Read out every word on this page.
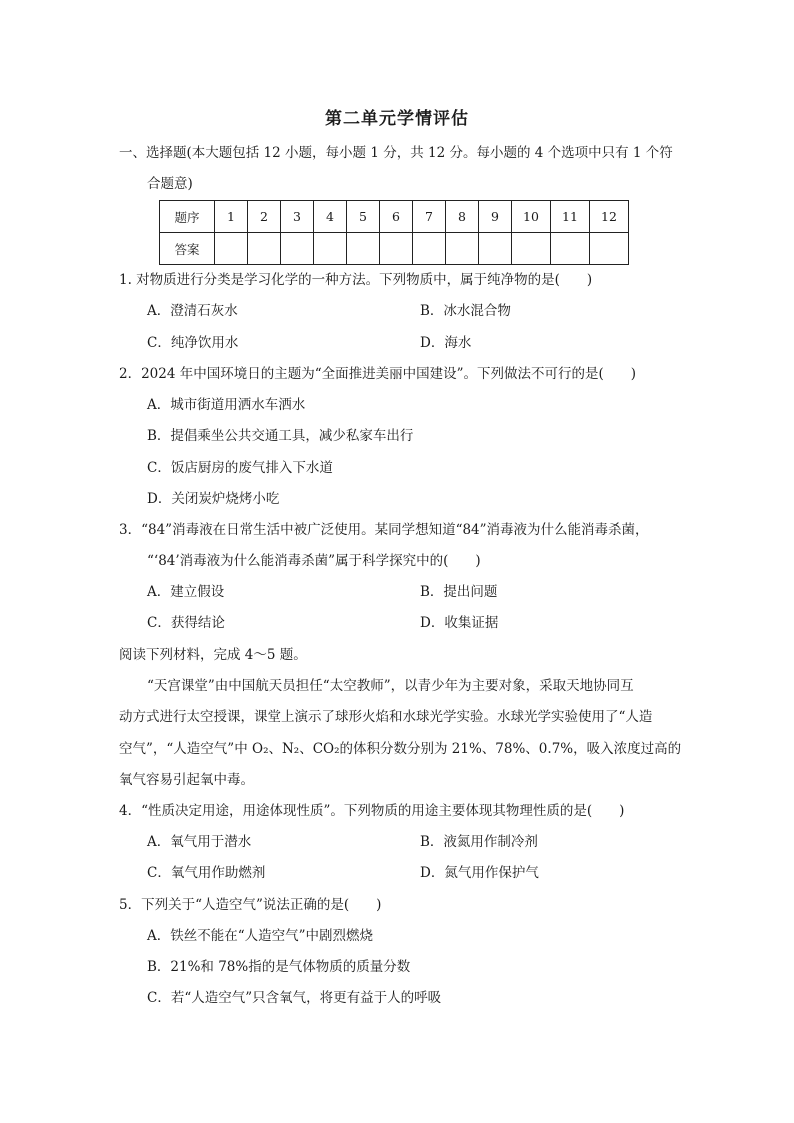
第二单元学情评估
一、选择题(本大题包括 12 小题，每小题 1 分，共 12 分。每小题的 4 个选项中只有 1 个符
合题意)
题序	1	2	3	4	5	6	7	8	9	10	11	12
答案												
1. 对物质进行分类是学习化学的一种方法。下列物质中，属于纯净物的是(　　)
A．澄清石灰水	B．冰水混合物
C．纯净饮用水	D．海水
2．2024 年中国环境日的主题为“全面推进美丽中国建设”。下列做法不可行的是(　　)
A．城市街道用洒水车洒水
B．提倡乘坐公共交通工具，减少私家车出行
C．饭店厨房的废气排入下水道
D．关闭炭炉烧烤小吃
3．“84”消毒液在日常生活中被广泛使用。某同学想知道“84”消毒液为什么能消毒杀菌，
“‘84’消毒液为什么能消毒杀菌”属于科学探究中的(　　)
A．建立假设	B．提出问题
C．获得结论	D．收集证据
阅读下列材料，完成 4～5 题。
“天宫课堂”由中国航天员担任“太空教师”，以青少年为主要对象，采取天地协同互
动方式进行太空授课，课堂上演示了球形火焰和水球光学实验。水球光学实验使用了“人造
空气”，“人造空气”中 O₂、N₂、CO₂的体积分数分别为 21%、78%、0.7%，吸入浓度过高的
氧气容易引起氧中毒。
4．“性质决定用途，用途体现性质”。下列物质的用途主要体现其物理性质的是(　　)
A．氧气用于潜水	B．液氮用作制冷剂
C．氧气用作助燃剂	D．氮气用作保护气
5．下列关于“人造空气”说法正确的是(　　)
A．铁丝不能在“人造空气”中剧烈燃烧
B．21%和 78%指的是气体物质的质量分数
C．若“人造空气”只含氧气，将更有益于人的呼吸
